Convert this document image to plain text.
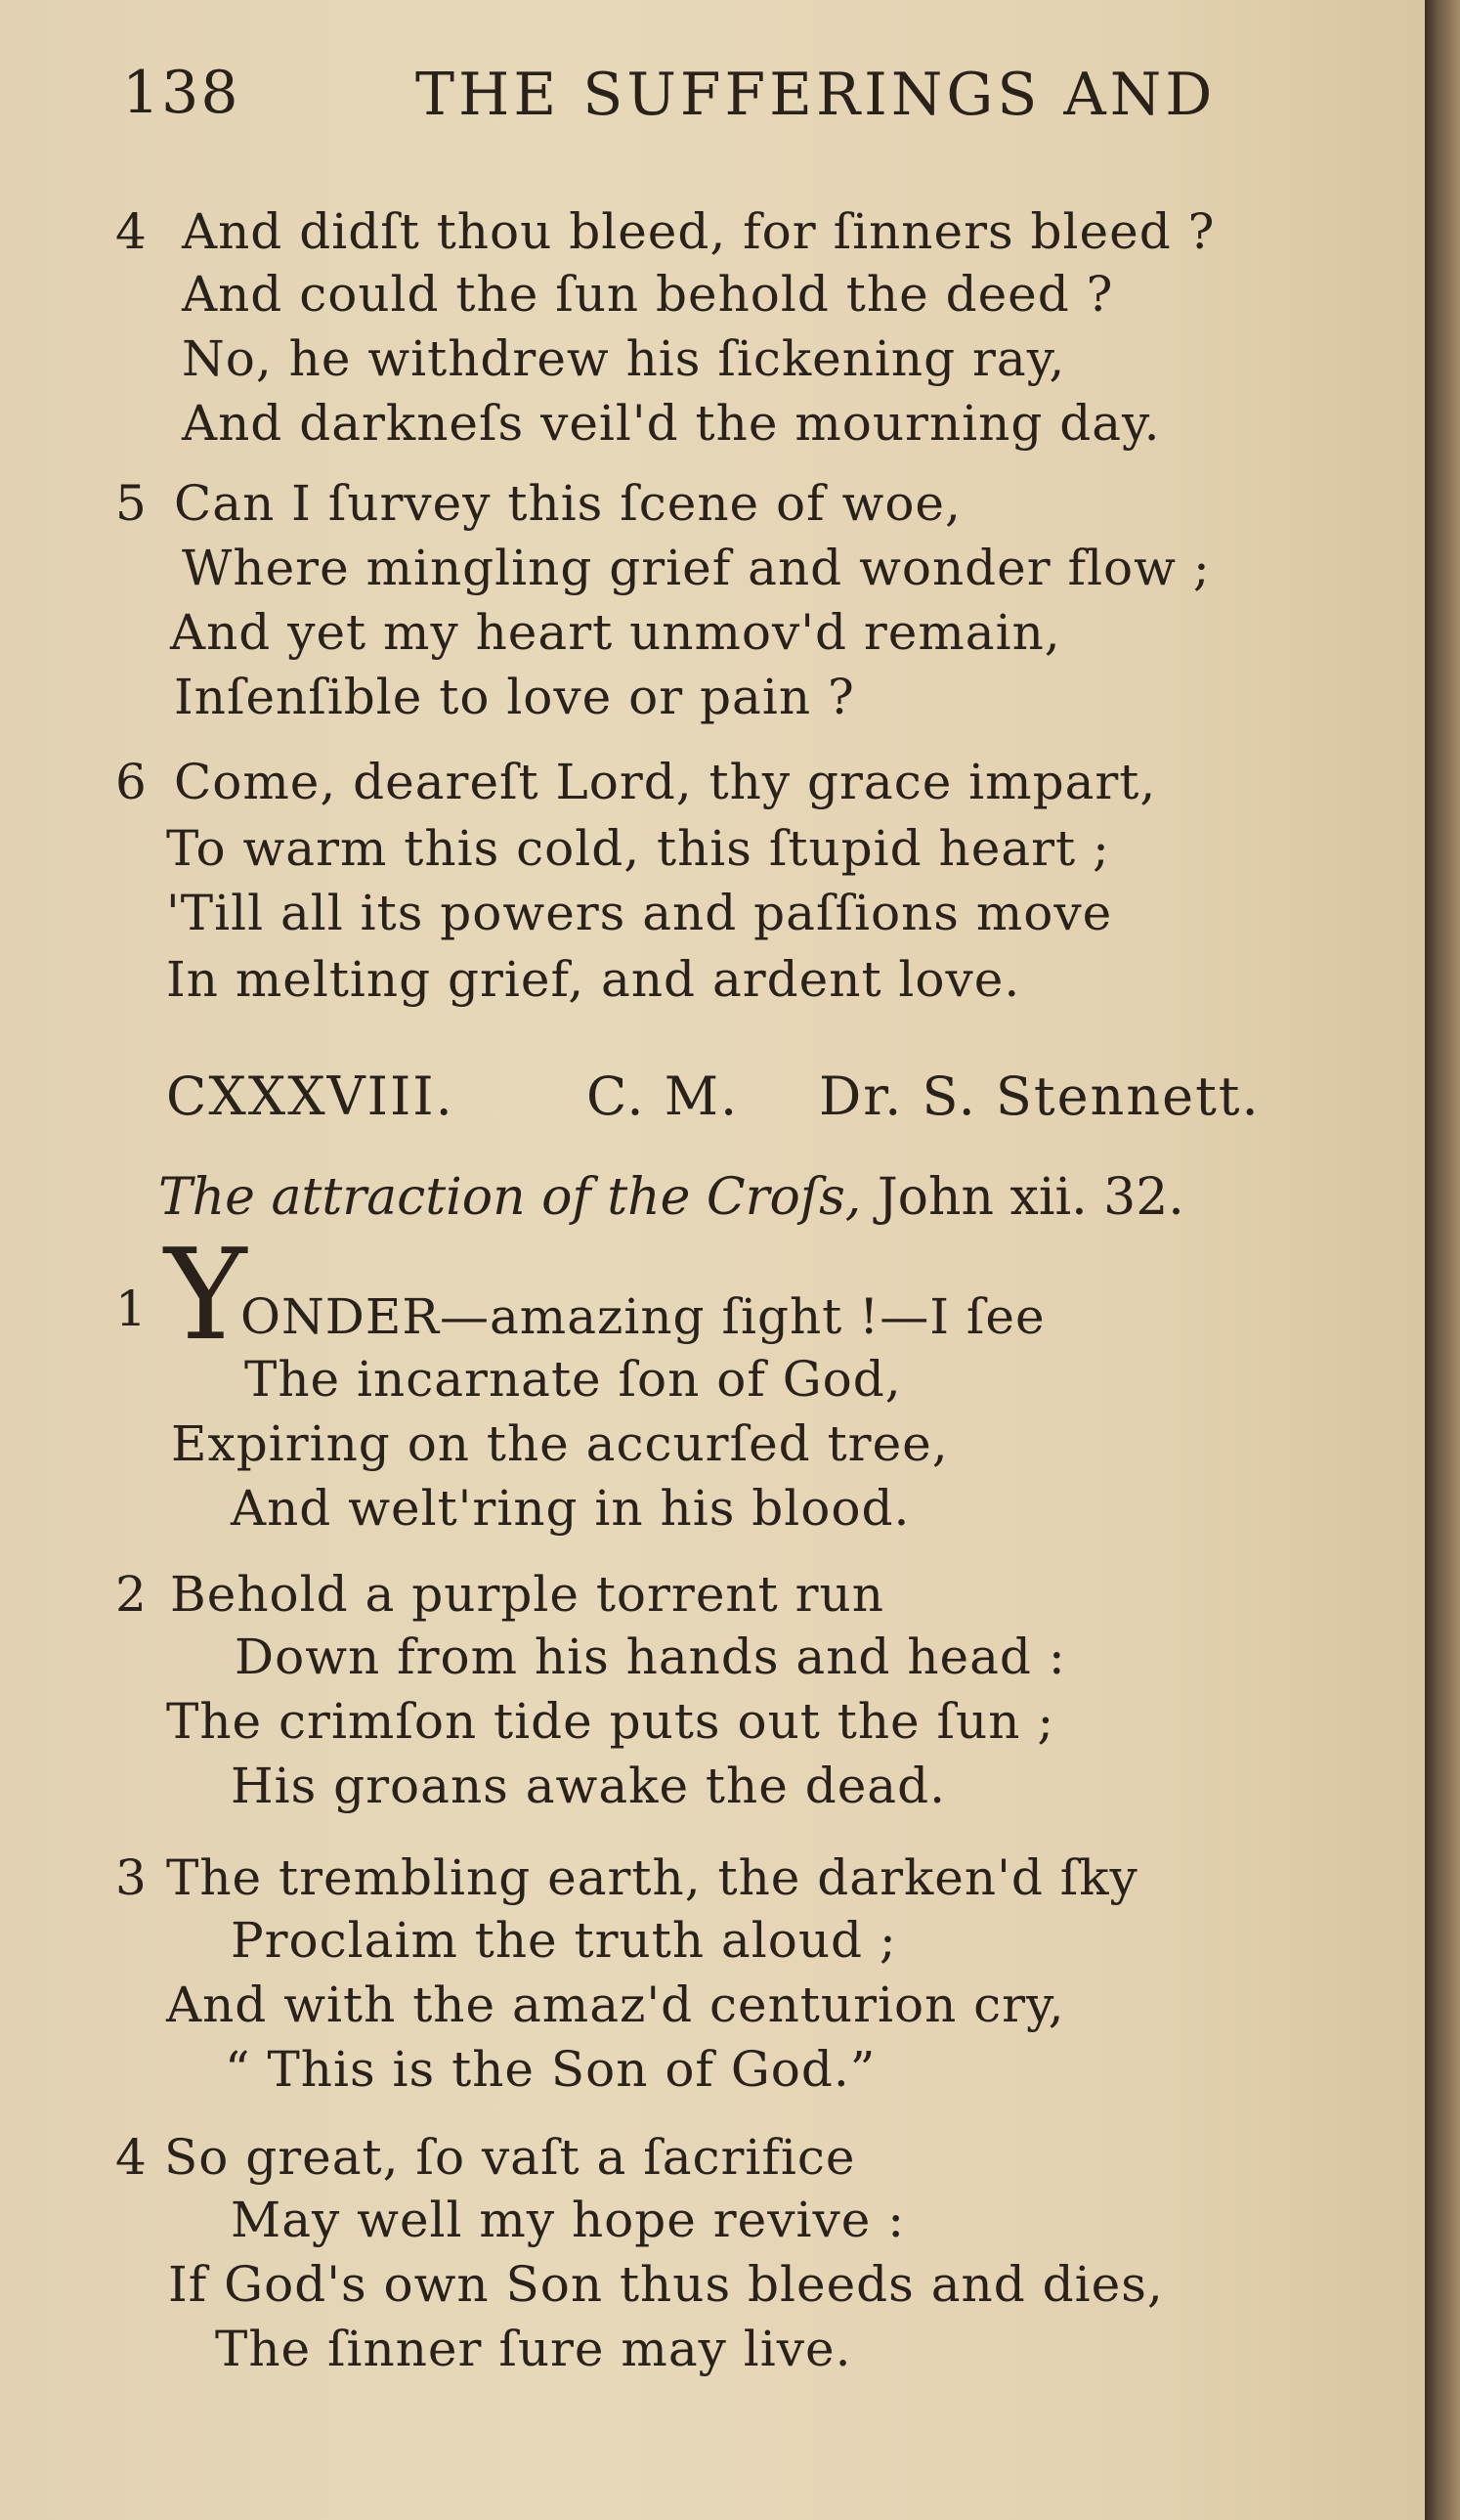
138	THE SUFFERINGS AND
4 And didſt thou bleed, for ſinners bleed ?
And could the ſun behold the deed ?
No, he withdrew his ſickening ray,
And darkneſs veil'd the mourning day.
5 Can I ſurvey this ſcene of woe,
Where mingling grief and wonder flow ;
And yet my heart unmov'd remain,
Inſenſible to love or pain ?
6 Come, deareſt Lord, thy grace impart,
To warm this cold, this ſtupid heart ;
'Till all its powers and paſſions move
In melting grief, and ardent love.
CXXXVIII.	C. M. Dr. S. Stennett.
The attraction of the Croſs, John xii. 32.
1 Y
ONDER—amazing ſight !—I ſee
The incarnate ſon of God,
Expiring on the accurſed tree,
And welt'ring in his blood.
2 Behold a purple torrent run
Down from his hands and head :
The crimſon tide puts out the ſun ;
His groans awake the dead.
3 The trembling earth, the darken'd ſky
Proclaim the truth aloud ;
And with the amaz'd centurion cry,
“ This is the Son of God.”
4 So great, ſo vaſt a ſacrifice
May well my hope revive :
If God's own Son thus bleeds and dies,
The ſinner ſure may live.
